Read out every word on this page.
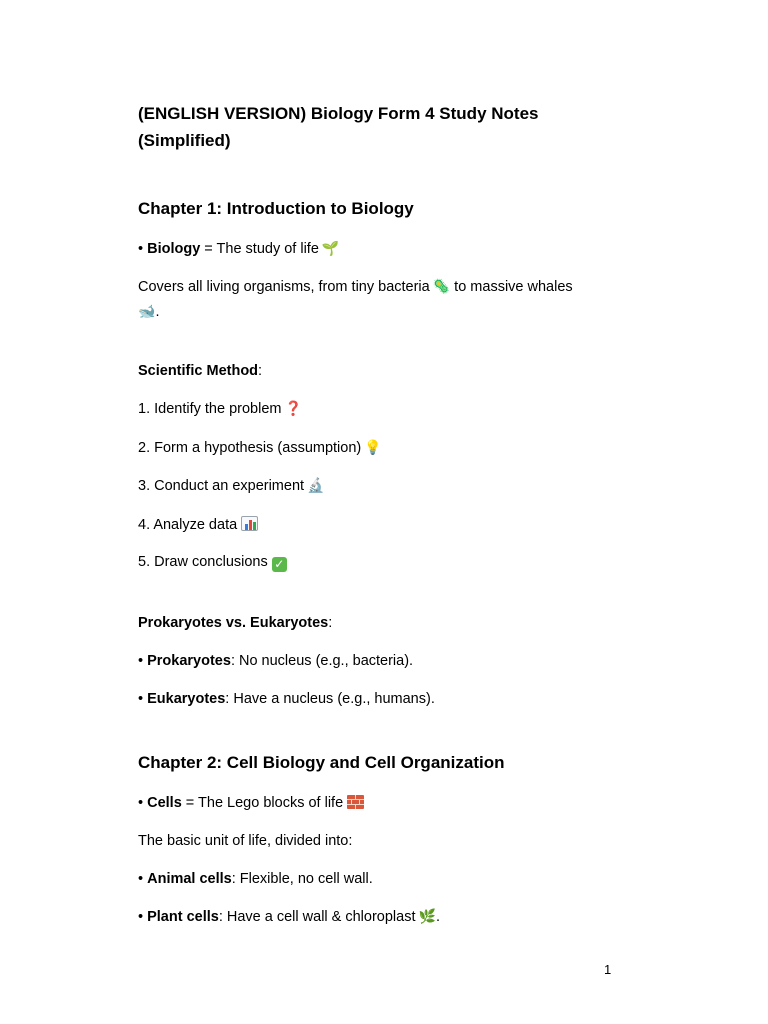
(ENGLISH VERSION) Biology Form 4 Study Notes (Simplified)
Chapter 1: Introduction to Biology
• Biology = The study of life 🌱
Covers all living organisms, from tiny bacteria 🦠 to massive whales
🐋.
Scientific Method:
1. Identify the problem ❓
2. Form a hypothesis (assumption) 💡
3. Conduct an experiment 🔬
4. Analyze data
5. Draw conclusions ✓
Prokaryotes vs. Eukaryotes:
• Prokaryotes: No nucleus (e.g., bacteria).
• Eukaryotes: Have a nucleus (e.g., humans).
Chapter 2: Cell Biology and Cell Organization
• Cells = The Lego blocks of life
The basic unit of life, divided into:
• Animal cells: Flexible, no cell wall.
• Plant cells: Have a cell wall & chloroplast 🌿.
1
